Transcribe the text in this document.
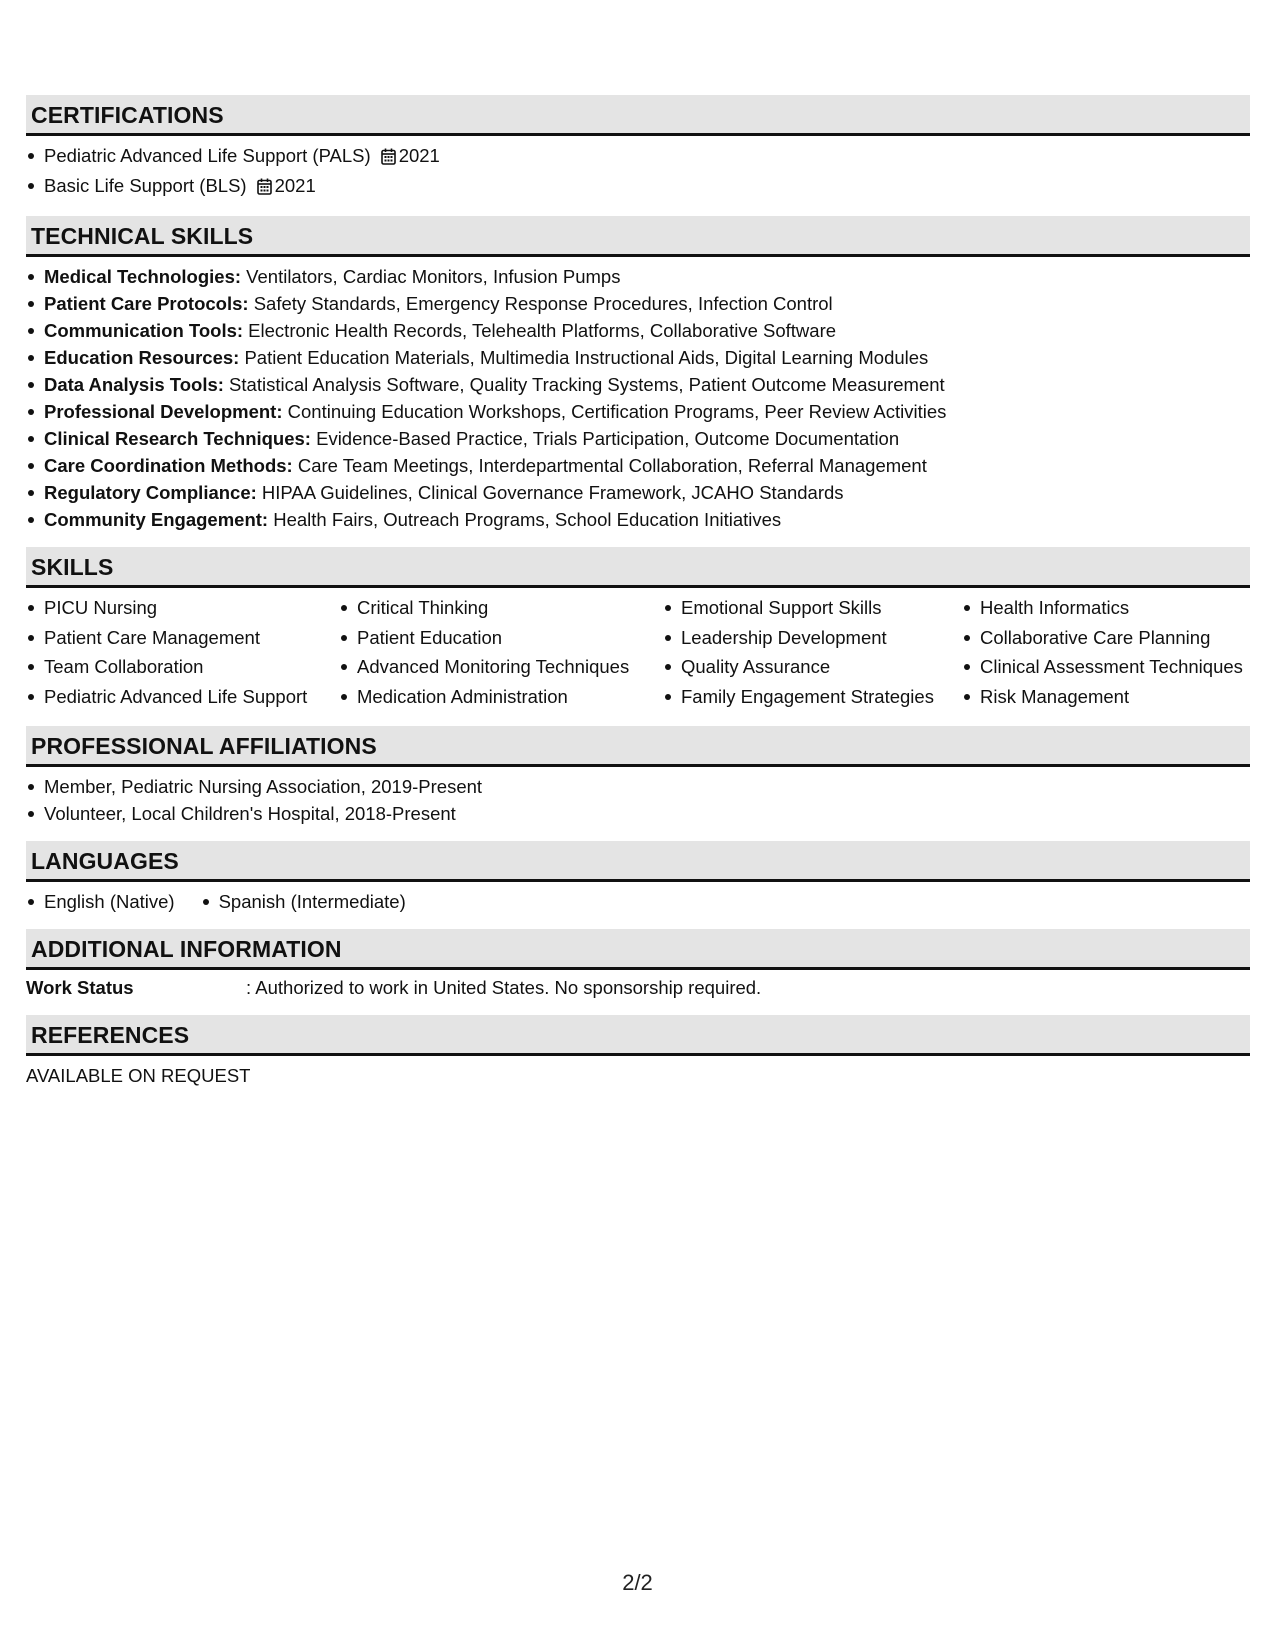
CERTIFICATIONS
Pediatric Advanced Life Support (PALS) 2021
Basic Life Support (BLS) 2021
TECHNICAL SKILLS
Medical Technologies: Ventilators, Cardiac Monitors, Infusion Pumps
Patient Care Protocols: Safety Standards, Emergency Response Procedures, Infection Control
Communication Tools: Electronic Health Records, Telehealth Platforms, Collaborative Software
Education Resources: Patient Education Materials, Multimedia Instructional Aids, Digital Learning Modules
Data Analysis Tools: Statistical Analysis Software, Quality Tracking Systems, Patient Outcome Measurement
Professional Development: Continuing Education Workshops, Certification Programs, Peer Review Activities
Clinical Research Techniques: Evidence-Based Practice, Trials Participation, Outcome Documentation
Care Coordination Methods: Care Team Meetings, Interdepartmental Collaboration, Referral Management
Regulatory Compliance: HIPAA Guidelines, Clinical Governance Framework, JCAHO Standards
Community Engagement: Health Fairs, Outreach Programs, School Education Initiatives
SKILLS
PICU Nursing
Patient Care Management
Team Collaboration
Pediatric Advanced Life Support
Critical Thinking
Patient Education
Advanced Monitoring Techniques
Medication Administration
Emotional Support Skills
Leadership Development
Quality Assurance
Family Engagement Strategies
Health Informatics
Collaborative Care Planning
Clinical Assessment Techniques
Risk Management
PROFESSIONAL AFFILIATIONS
Member, Pediatric Nursing Association, 2019-Present
Volunteer, Local Children's Hospital, 2018-Present
LANGUAGES
English (Native)	Spanish (Intermediate)
ADDITIONAL INFORMATION
Work Status	: Authorized to work in United States. No sponsorship required.
REFERENCES
AVAILABLE ON REQUEST
2/2
